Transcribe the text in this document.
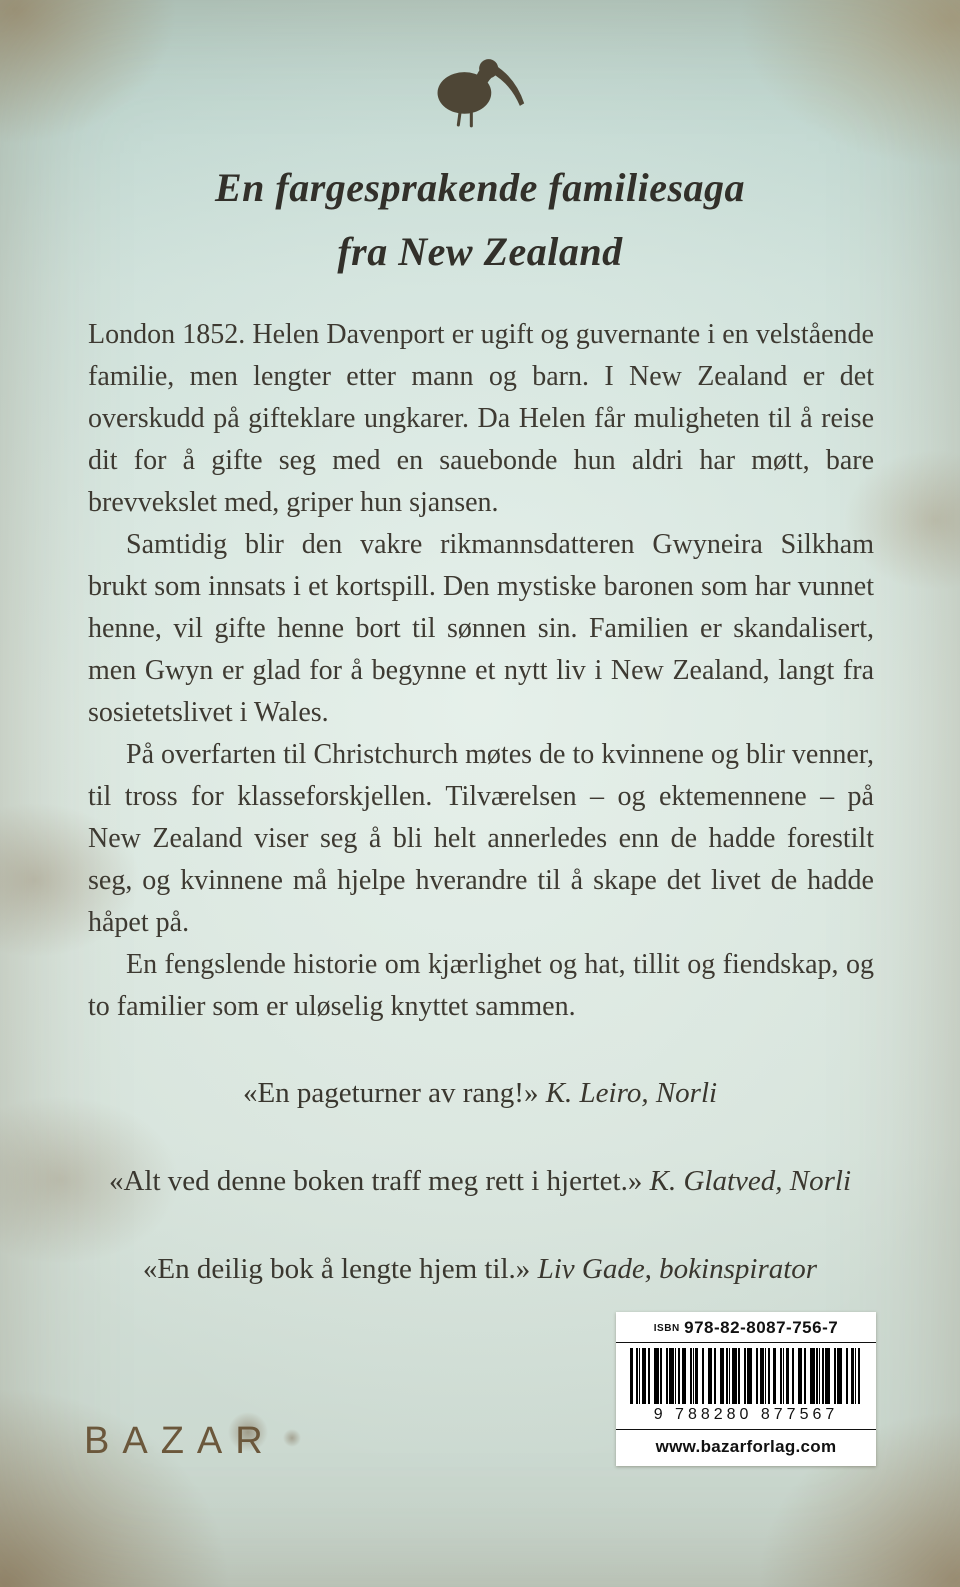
En fargesprakende familiesaga
fra New Zealand

London 1852. Helen Davenport er ugift og guvernante i en velstående familie, men lengter etter mann og barn. I New Zealand er det overskudd på gifteklare ungkarer. Da Helen får muligheten til å reise dit for å gifte seg med en sauebonde hun aldri har møtt, bare brevvekslet med, griper hun sjansen.

Samtidig blir den vakre rikmannsdatteren Gwyneira Silkham brukt som innsats i et kortspill. Den mystiske baronen som har vunnet henne, vil gifte henne bort til sønnen sin. Familien er skandalisert, men Gwyn er glad for å begynne et nytt liv i New Zealand, langt fra sosietetslivet i Wales.

På overfarten til Christchurch møtes de to kvinnene og blir venner, til tross for klasseforskjellen. Tilværelsen – og ektemennene – på New Zealand viser seg å bli helt annerledes enn de hadde forestilt seg, og kvinnene må hjelpe hverandre til å skape det livet de hadde håpet på.

En fengslende historie om kjærlighet og hat, tillit og fiendskap, og to familier som er uløselig knyttet sammen.

«En pageturner av rang!» K. Leiro, Norli

«Alt ved denne boken traff meg rett i hjertet.» K. Glatved, Norli

«En deilig bok å lengte hjem til.» Liv Gade, bokinspirator

BAZAR
ISBN 978-82-8087-756-7
9 788280 877567
www.bazarforlag.com
